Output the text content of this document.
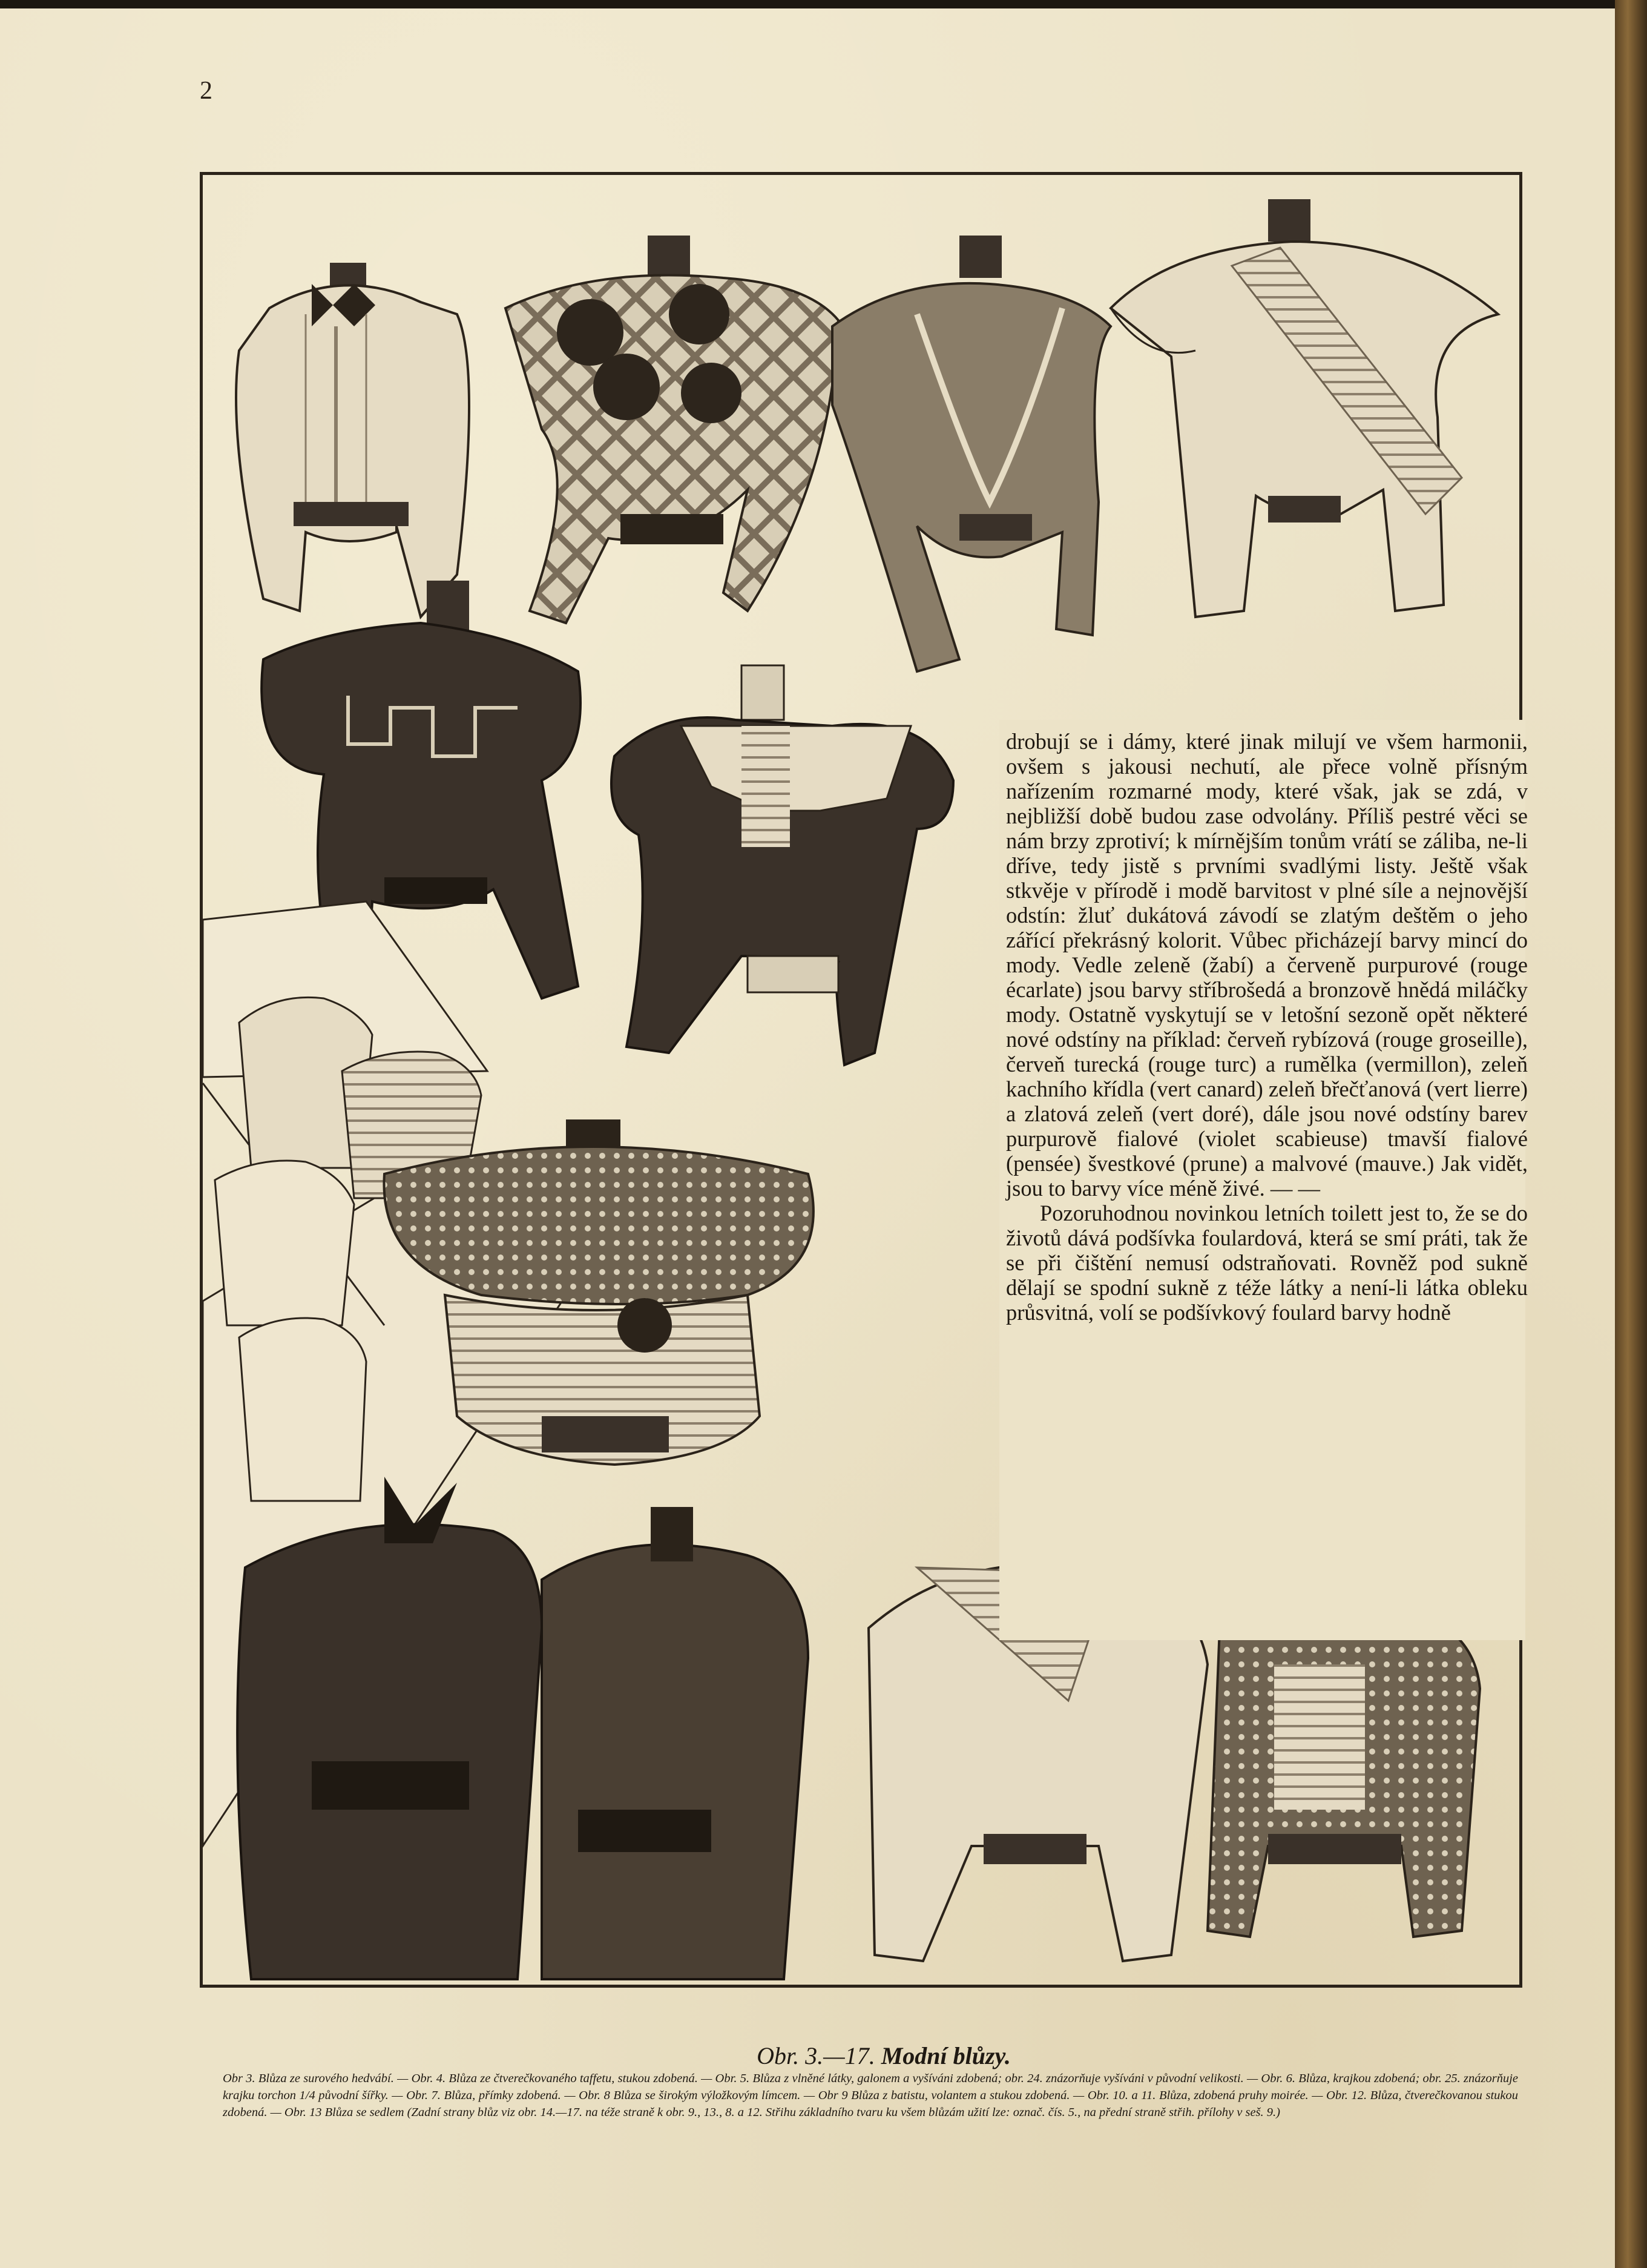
2
drobují se i dámy, které jinak milují ve všem harmonii, ovšem s jakousi nechutí, ale přece volně přísným nařízením rozmarné mody, které však, jak se zdá, v nejbližší době budou zase odvolány. Příliš pestré věci se nám brzy zprotiví; k mírnějším tonům vrátí se záliba, ne-li dříve, tedy jistě s prvními svadlými listy. Ještě však stkvěje v přírodě i modě barvitost v plné síle a nejnovější odstín: žluť dukátová závodí se zlatým deštěm o jeho zářící překrásný kolorit. Vůbec přicházejí barvy mincí do mody. Vedle zeleně (žabí) a červeně purpurové (rouge écarlate) jsou barvy stříbrošedá a bronzově hnědá miláčky mody. Ostatně vyskytují se v letošní sezoně opět některé nové odstíny na příklad: červeň rybízová (rouge groseille), červeň turecká (rouge turc) a rumělka (vermillon), zeleň kachního křídla (vert canard) zeleň břečťanová (vert lierre) a zlatová zeleň (vert doré), dále jsou nové odstíny barev purpurově fialové (violet scabieuse) tmavší fialové (pensée) švestkové (prune) a malvové (mauve.) Jak vidět, jsou to barvy více méně živé. — —
Pozoruhodnou novinkou letních toilett jest to, že se do životů dává podšívka foulardová, která se smí práti, tak že se při čištění nemusí odstraňovati. Rovněž pod sukně dělají se spodní sukně z téže látky a není-li látka obleku průsvitná, volí se podšívkový foulard barvy hodně
Obr. 3.—17. Modní blůzy.

Obr 3. Blůza ze surového hedvábí. — Obr. 4. Blůza ze čtverečkovaného taffetu, stukou zdobená. — Obr. 5. Blůza z vlněné látky, galonem a vyšíváni zdobená; obr. 24. znázorňuje vyšíváni v původní velikosti. — Obr. 6. Blůza, krajkou zdobená; obr. 25. znázorňuje krajku torchon 1/4 původní šířky. — Obr. 7. Blůza, přímky zdobená. — Obr. 8 Blůza se širokým výložkovým límcem. — Obr 9 Blůza z batistu, volantem a stukou zdobená. — Obr. 10. a 11. Blůza, zdobená pruhy moirée. — Obr. 12. Blůza, čtverečkovanou stukou zdobená. — Obr. 13 Blůza se sedlem (Zadní strany blůz viz obr. 14.—17. na téže straně k obr. 9., 13., 8. a 12. Střihu základního tvaru ku všem blůzám užití lze: označ. čís. 5., na přední straně střih. přílohy v seš. 9.)
